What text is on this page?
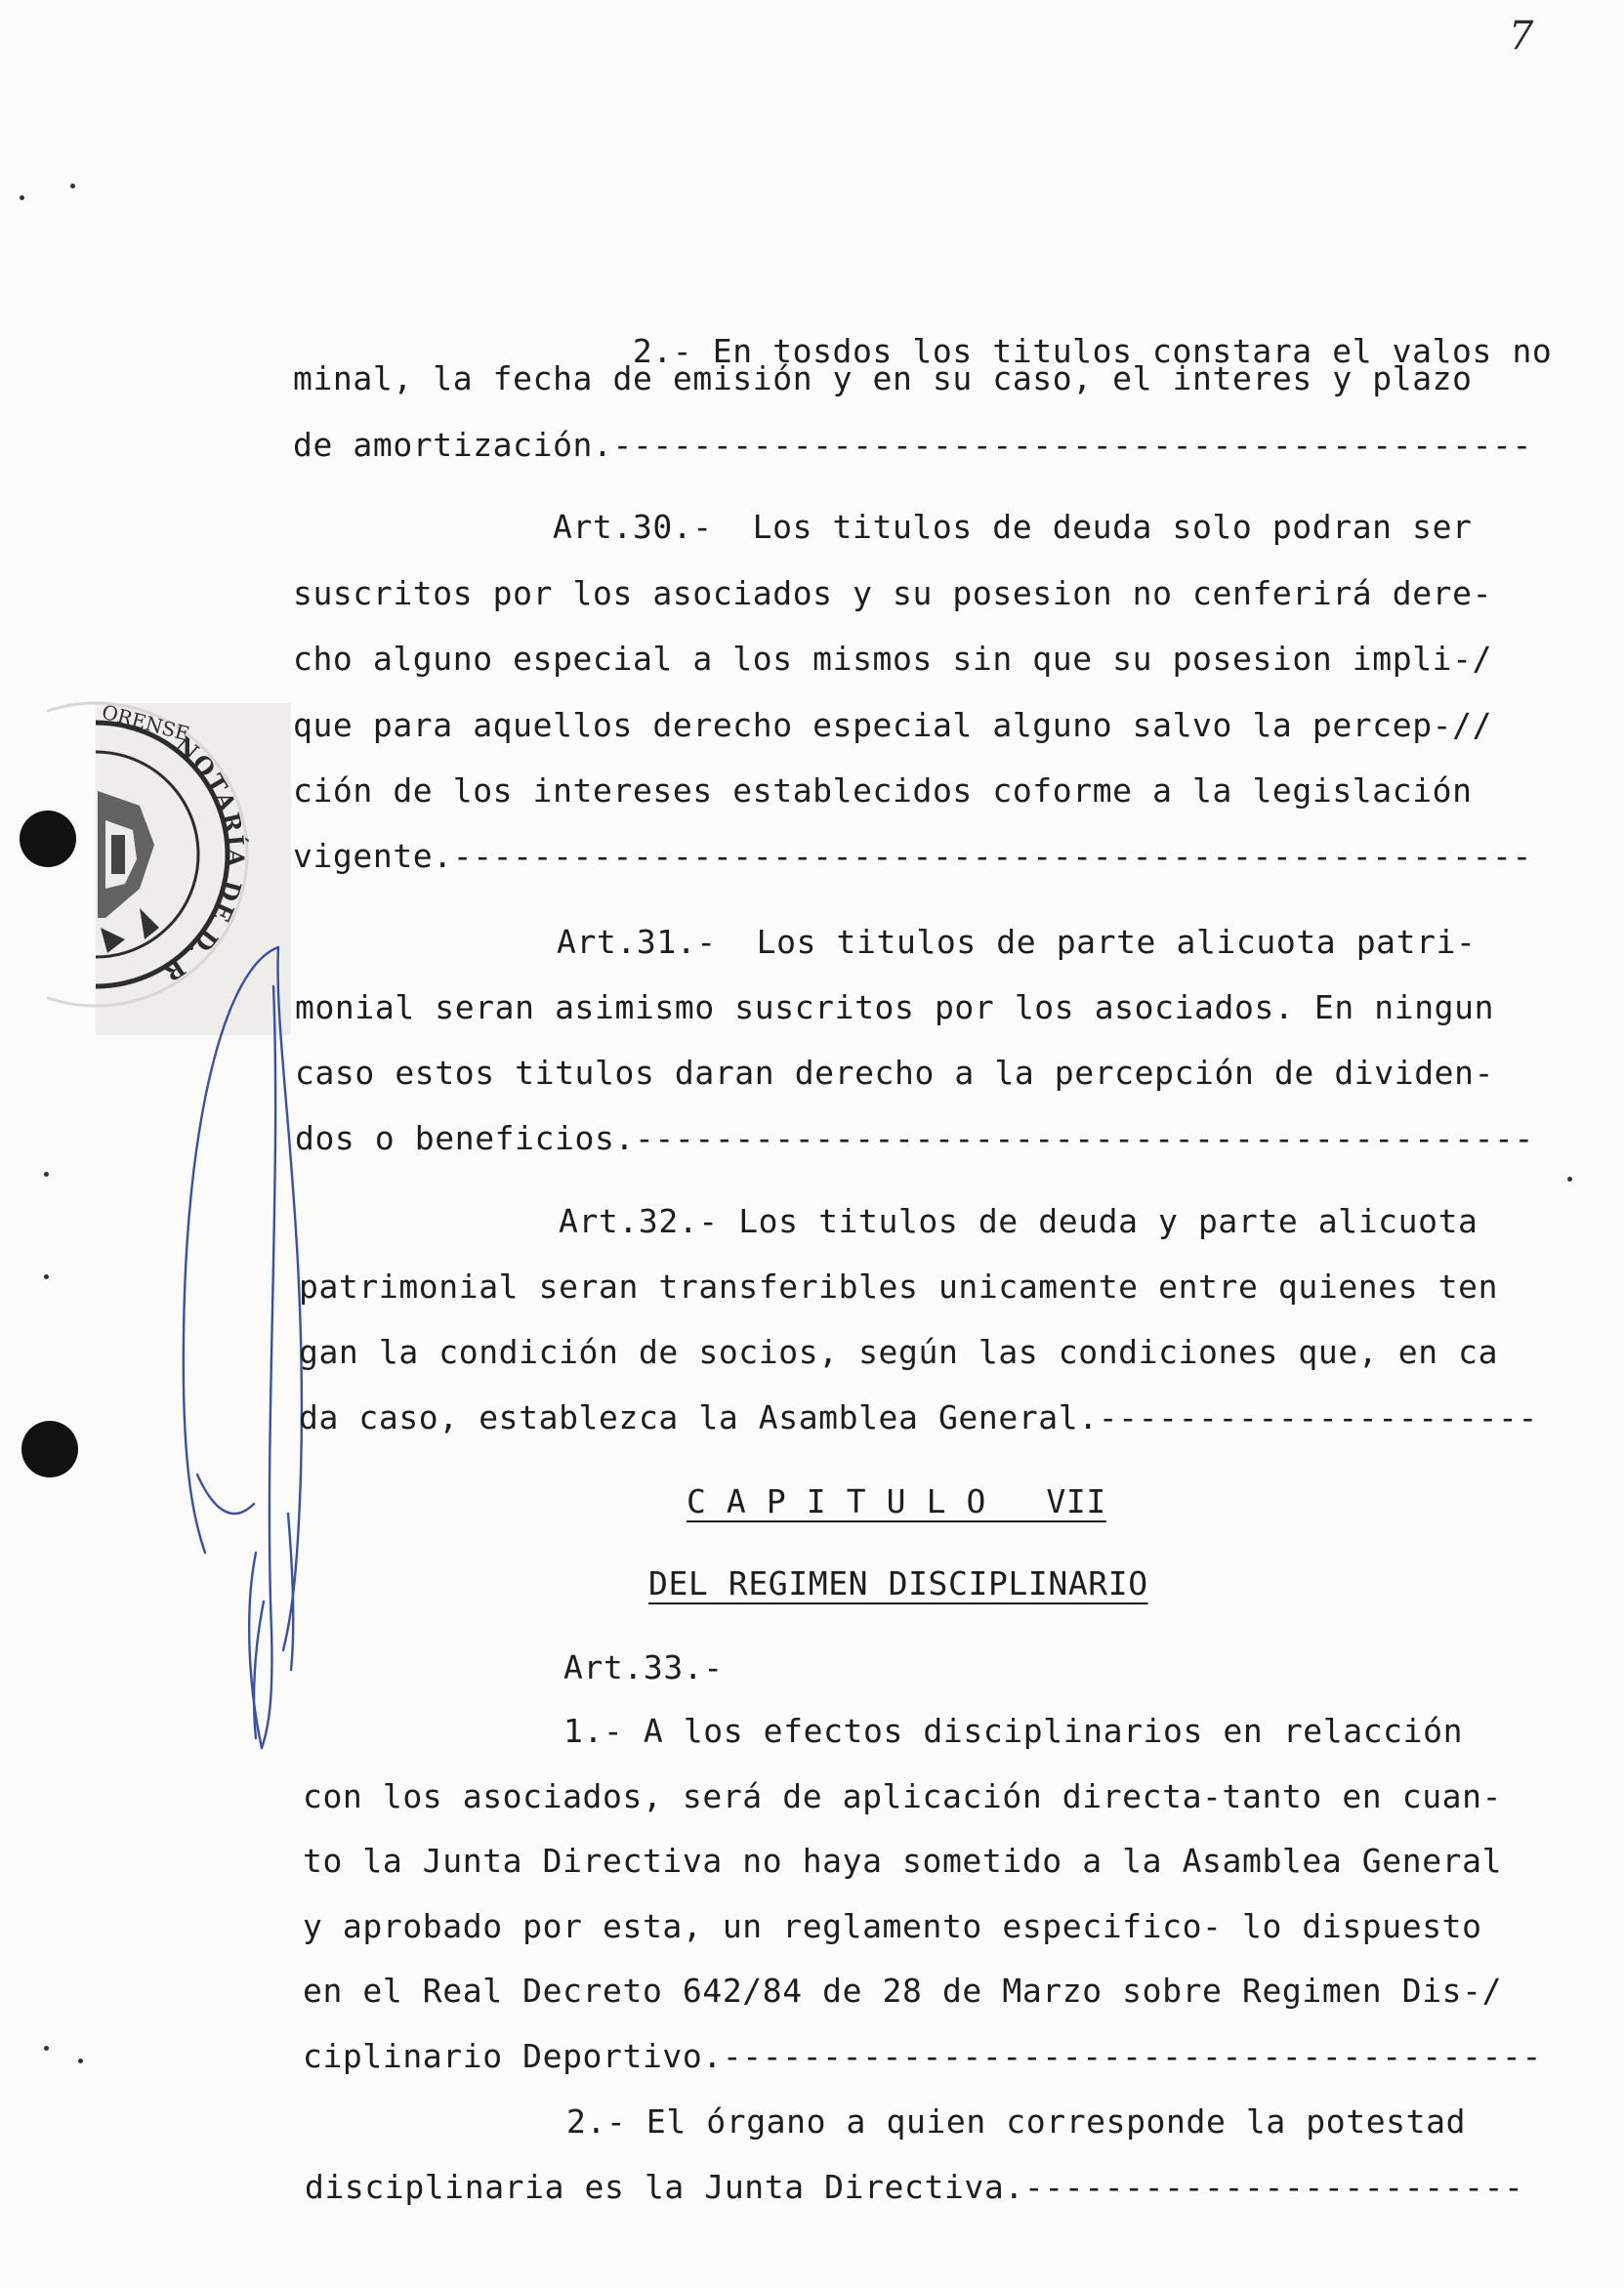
7
NOTARÍA DE D. R
ORENSE

2.- En tosdos los titulos constara el valos no

minal, la fecha de emisión y en su caso, el interes y plazo
de amortización.----------------------------------------------
Art.30.-  Los titulos de deuda solo podran ser
suscritos por los asociados y su posesion no cenferirá dere-
cho alguno especial a los mismos sin que su posesion impli-/
que para aquellos derecho especial alguno salvo la percep-//
ción de los intereses establecidos coforme a la legislación
vigente.------------------------------------------------------
Art.31.-  Los titulos de parte alicuota patri-
monial seran asimismo suscritos por los asociados. En ningun
caso estos titulos daran derecho a la percepción de dividen-
dos o beneficios.---------------------------------------------
Art.32.- Los titulos de deuda y parte alicuota
patrimonial seran transferibles unicamente entre quienes ten
gan la condición de socios, según las condiciones que, en ca
da caso, establezca la Asamblea General.----------------------
C A P I T U L O   VII
DEL REGIMEN DISCIPLINARIO
Art.33.-
1.- A los efectos disciplinarios en relacción
con los asociados, será de aplicación directa-tanto en cuan-
to la Junta Directiva no haya sometido a la Asamblea General
y aprobado por esta, un reglamento especifico- lo dispuesto
en el Real Decreto 642/84 de 28 de Marzo sobre Regimen Dis-/
ciplinario Deportivo.-----------------------------------------
2.- El órgano a quien corresponde la potestad
disciplinaria es la Junta Directiva.-------------------------
